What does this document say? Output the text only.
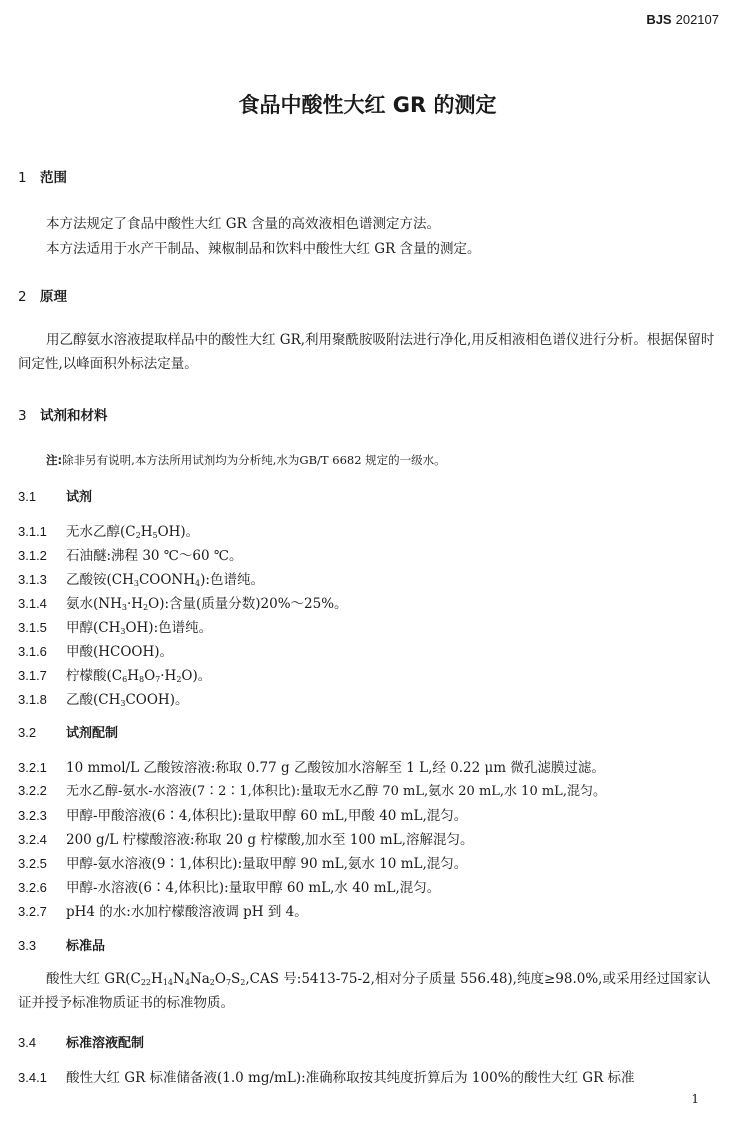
BJS 202107
食品中酸性大红 GR 的测定
1 范围
本方法规定了食品中酸性大红 GR 含量的高效液相色谱测定方法。
本方法适用于水产干制品、辣椒制品和饮料中酸性大红 GR 含量的测定。
2 原理
用乙醇氨水溶液提取样品中的酸性大红 GR,利用聚酰胺吸附法进行净化,用反相液相色谱仪进行分析。根据保留时间定性,以峰面积外标法定量。
3 试剂和材料
注:除非另有说明,本方法所用试剂均为分析纯,水为GB/T 6682 规定的一级水。
3.1 试剂
3.1.1 无水乙醇$(C_2H_5OH)$。
3.1.2 石油醚:沸程 30 ℃～60 ℃。
3.1.3 乙酸铵$(CH_3COONH_4)$:色谱纯。
3.1.4 氨水$(NH_3\cdot H_2O)$:含量(质量分数)20%～25%。
3.1.5 甲醇$(CH_3OH)$:色谱纯。
3.1.6 甲酸(HCOOH)。
3.1.7 柠檬酸$(C_6H_8O_7\cdot H_2O)$。
3.1.8 乙酸$(CH_3COOH)$。
3.2 试剂配制
3.2.1 10 mmol/L 乙酸铵溶液:称取 0.77 g 乙酸铵加水溶解至 1 L,经 0.22 μm 微孔滤膜过滤。
3.2.2 无水乙醇-氨水-水溶液(7∶2∶1,体积比):量取无水乙醇 70 mL,氨水 20 mL,水 10 mL,混匀。
3.2.3 甲醇-甲酸溶液(6∶4,体积比):量取甲醇 60 mL,甲酸 40 mL,混匀。
3.2.4 200 g/L 柠檬酸溶液:称取 20 g 柠檬酸,加水至 100 mL,溶解混匀。
3.2.5 甲醇-氨水溶液(9∶1,体积比):量取甲醇 90 mL,氨水 10 mL,混匀。
3.2.6 甲醇-水溶液(6∶4,体积比):量取甲醇 60 mL,水 40 mL,混匀。
3.2.7 pH4 的水:水加柠檬酸溶液调 pH 到 4。
3.3 标准品
酸性大红 $GR(C_{22}H_{14}N_4Na_2O_7S_2,CAS$ 号:5413-75-2,相对分子质量 556.48),纯度≥98.0%,或采用经过国家认证并授予标准物质证书的标准物质。
3.4 标准溶液配制
3.4.1 酸性大红 GR 标准储备液(1.0 mg/mL):准确称取按其纯度折算后为 100%的酸性大红 GR 标准
1
